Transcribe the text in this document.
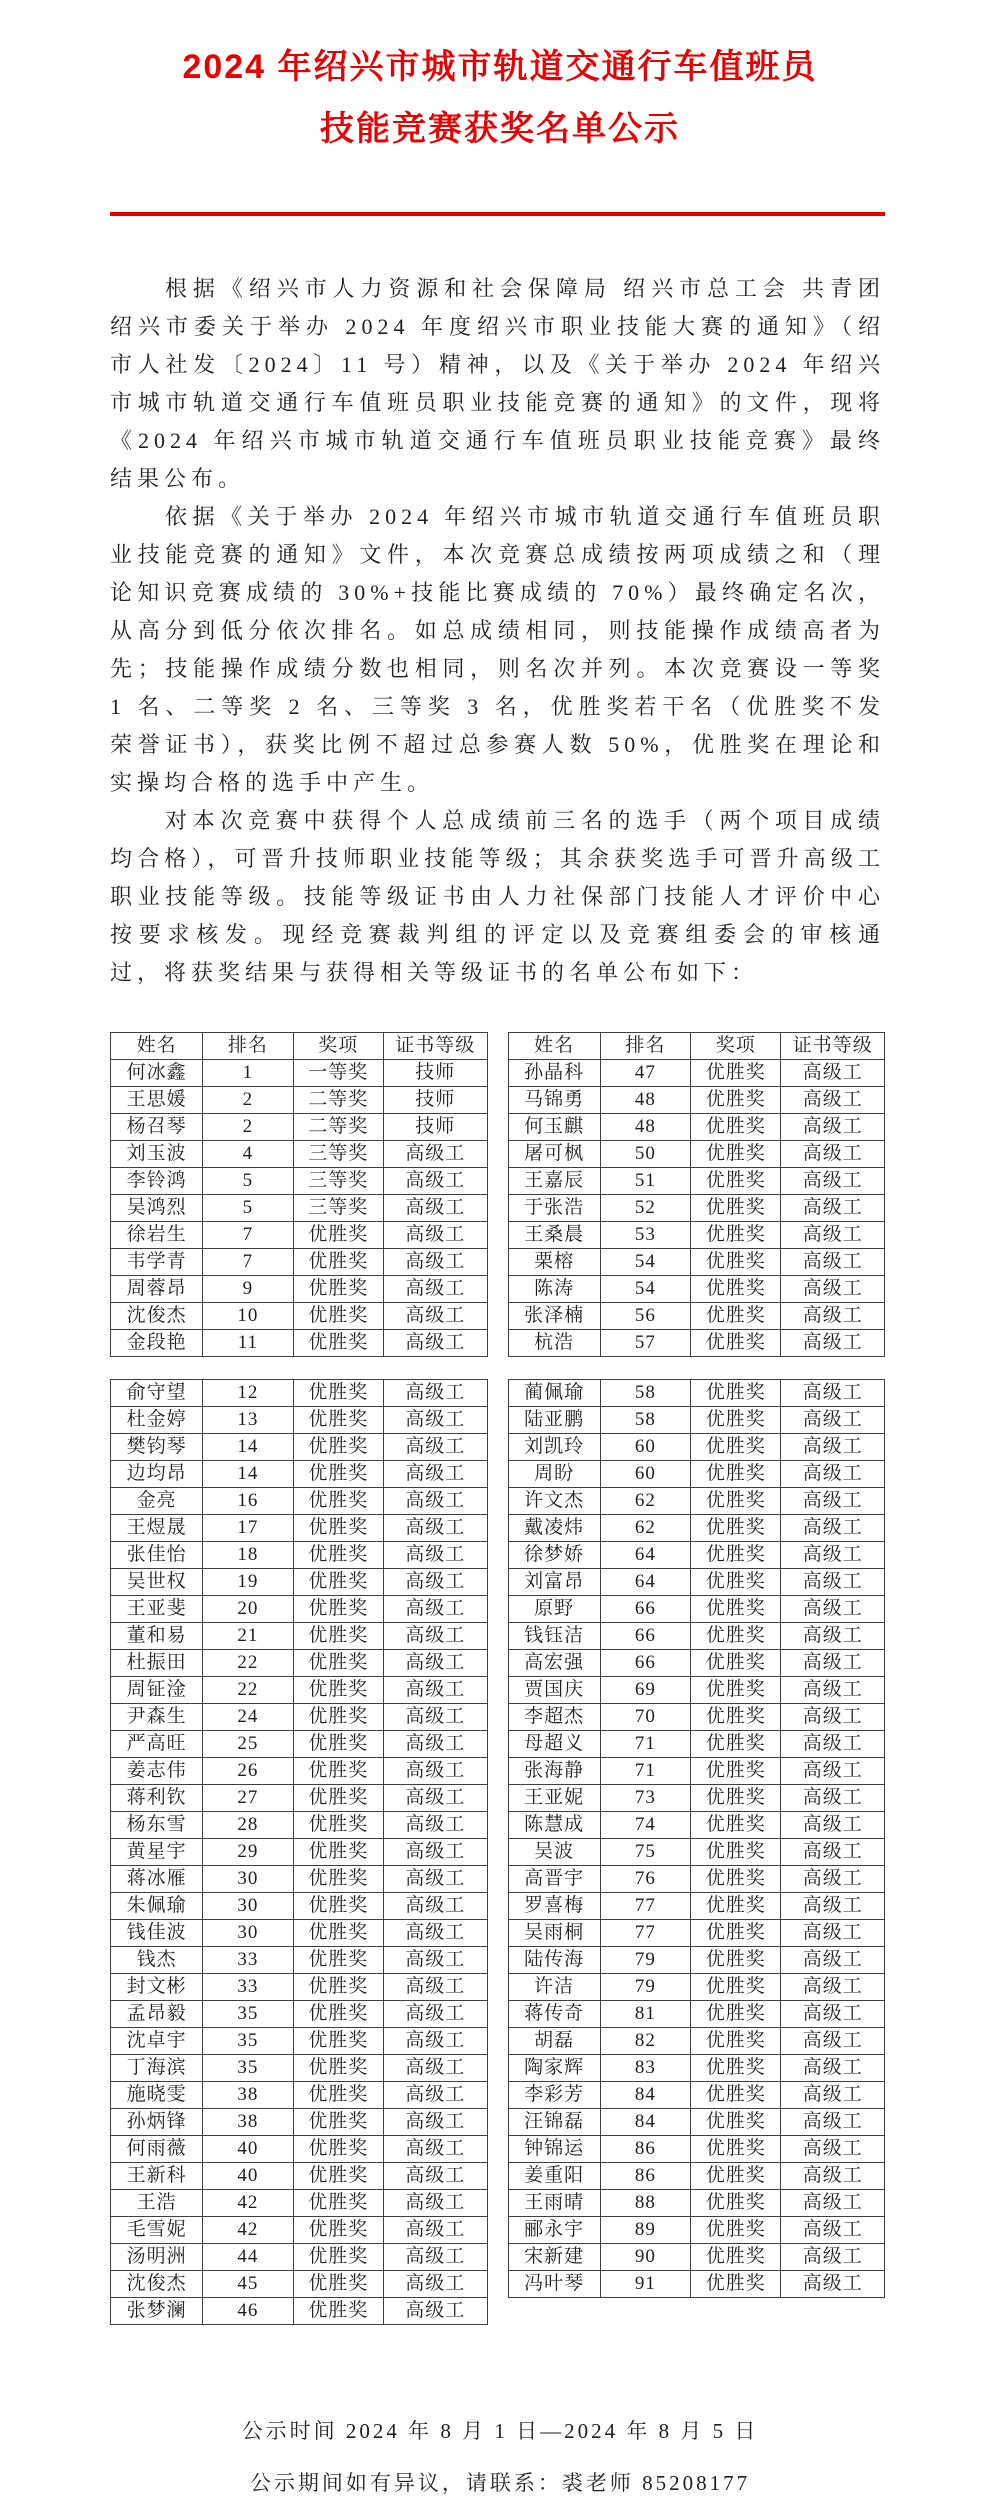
2024 年绍兴市城市轨道交通行车值班员
技能竞赛获奖名单公示

根据《绍兴市人力资源和社会保障局 绍兴市总工会 共青团绍兴市委关于举办 2024 年度绍兴市职业技能大赛的通知》（绍市人社发〔2024〕11 号）精神，以及《关于举办 2024 年绍兴市城市轨道交通行车值班员职业技能竞赛的通知》的文件，现将《2024 年绍兴市城市轨道交通行车值班员职业技能竞赛》最终结果公布。

依据《关于举办 2024 年绍兴市城市轨道交通行车值班员职业技能竞赛的通知》文件，本次竞赛总成绩按两项成绩之和（理论知识竞赛成绩的 30%+技能比赛成绩的 70%）最终确定名次，从高分到低分依次排名。如总成绩相同，则技能操作成绩高者为先；技能操作成绩分数也相同，则名次并列。本次竞赛设一等奖 1 名、二等奖 2 名、三等奖 3 名，优胜奖若干名（优胜奖不发荣誉证书），获奖比例不超过总参赛人数 50%，优胜奖在理论和实操均合格的选手中产生。

对本次竞赛中获得个人总成绩前三名的选手（两个项目成绩均合格），可晋升技师职业技能等级；其余获奖选手可晋升高级工职业技能等级。技能等级证书由人力社保部门技能人才评价中心按要求核发。现经竞赛裁判组的评定以及竞赛组委会的审核通过，将获奖结果与获得相关等级证书的名单公布如下：

姓名	排名	奖项	证书等级
何冰鑫	1	一等奖	技师
王思媛	2	二等奖	技师
杨召琴	2	二等奖	技师
刘玉波	4	三等奖	高级工
李铃鸿	5	三等奖	高级工
吴鸿烈	5	三等奖	高级工
徐岩生	7	优胜奖	高级工
韦学青	7	优胜奖	高级工
周蓉昂	9	优胜奖	高级工
沈俊杰	10	优胜奖	高级工
金段艳	11	优胜奖	高级工
俞守望	12	优胜奖	高级工
杜金婷	13	优胜奖	高级工
樊钧琴	14	优胜奖	高级工
边均昂	14	优胜奖	高级工
金亮	16	优胜奖	高级工
王煜晟	17	优胜奖	高级工
张佳怡	18	优胜奖	高级工
吴世权	19	优胜奖	高级工
王亚斐	20	优胜奖	高级工
董和易	21	优胜奖	高级工
杜振田	22	优胜奖	高级工
周钲淦	22	优胜奖	高级工
尹森生	24	优胜奖	高级工
严高旺	25	优胜奖	高级工
姜志伟	26	优胜奖	高级工
蒋利钦	27	优胜奖	高级工
杨东雪	28	优胜奖	高级工
黄星宇	29	优胜奖	高级工
蒋冰雁	30	优胜奖	高级工
朱佩瑜	30	优胜奖	高级工
钱佳波	30	优胜奖	高级工
钱杰	33	优胜奖	高级工
封文彬	33	优胜奖	高级工
孟昂毅	35	优胜奖	高级工
沈卓宇	35	优胜奖	高级工
丁海滨	35	优胜奖	高级工
施晓雯	38	优胜奖	高级工
孙炳锋	38	优胜奖	高级工
何雨薇	40	优胜奖	高级工
王新科	40	优胜奖	高级工
王浩	42	优胜奖	高级工
毛雪妮	42	优胜奖	高级工
汤明洲	44	优胜奖	高级工
沈俊杰	45	优胜奖	高级工
张梦澜	46	优胜奖	高级工
姓名	排名	奖项	证书等级
孙晶科	47	优胜奖	高级工
马锦勇	48	优胜奖	高级工
何玉麒	48	优胜奖	高级工
屠可枫	50	优胜奖	高级工
王嘉辰	51	优胜奖	高级工
于张浩	52	优胜奖	高级工
王桑晨	53	优胜奖	高级工
栗榕	54	优胜奖	高级工
陈涛	54	优胜奖	高级工
张泽楠	56	优胜奖	高级工
杭浩	57	优胜奖	高级工
蔺佩瑜	58	优胜奖	高级工
陆亚鹏	58	优胜奖	高级工
刘凯玲	60	优胜奖	高级工
周盼	60	优胜奖	高级工
许文杰	62	优胜奖	高级工
戴凌炜	62	优胜奖	高级工
徐梦娇	64	优胜奖	高级工
刘富昂	64	优胜奖	高级工
原野	66	优胜奖	高级工
钱钰洁	66	优胜奖	高级工
高宏强	66	优胜奖	高级工
贾国庆	69	优胜奖	高级工
李超杰	70	优胜奖	高级工
母超义	71	优胜奖	高级工
张海静	71	优胜奖	高级工
王亚妮	73	优胜奖	高级工
陈慧成	74	优胜奖	高级工
吴波	75	优胜奖	高级工
高晋宇	76	优胜奖	高级工
罗喜梅	77	优胜奖	高级工
吴雨桐	77	优胜奖	高级工
陆传海	79	优胜奖	高级工
许洁	79	优胜奖	高级工
蒋传奇	81	优胜奖	高级工
胡磊	82	优胜奖	高级工
陶家辉	83	优胜奖	高级工
李彩芳	84	优胜奖	高级工
汪锦磊	84	优胜奖	高级工
钟锦运	86	优胜奖	高级工
姜重阳	86	优胜奖	高级工
王雨晴	88	优胜奖	高级工
郦永宇	89	优胜奖	高级工
宋新建	90	优胜奖	高级工
冯叶琴	91	优胜奖	高级工
公示时间 2024 年 8 月 1 日—2024 年 8 月 5 日
公示期间如有异议，请联系：裘老师 85208177
